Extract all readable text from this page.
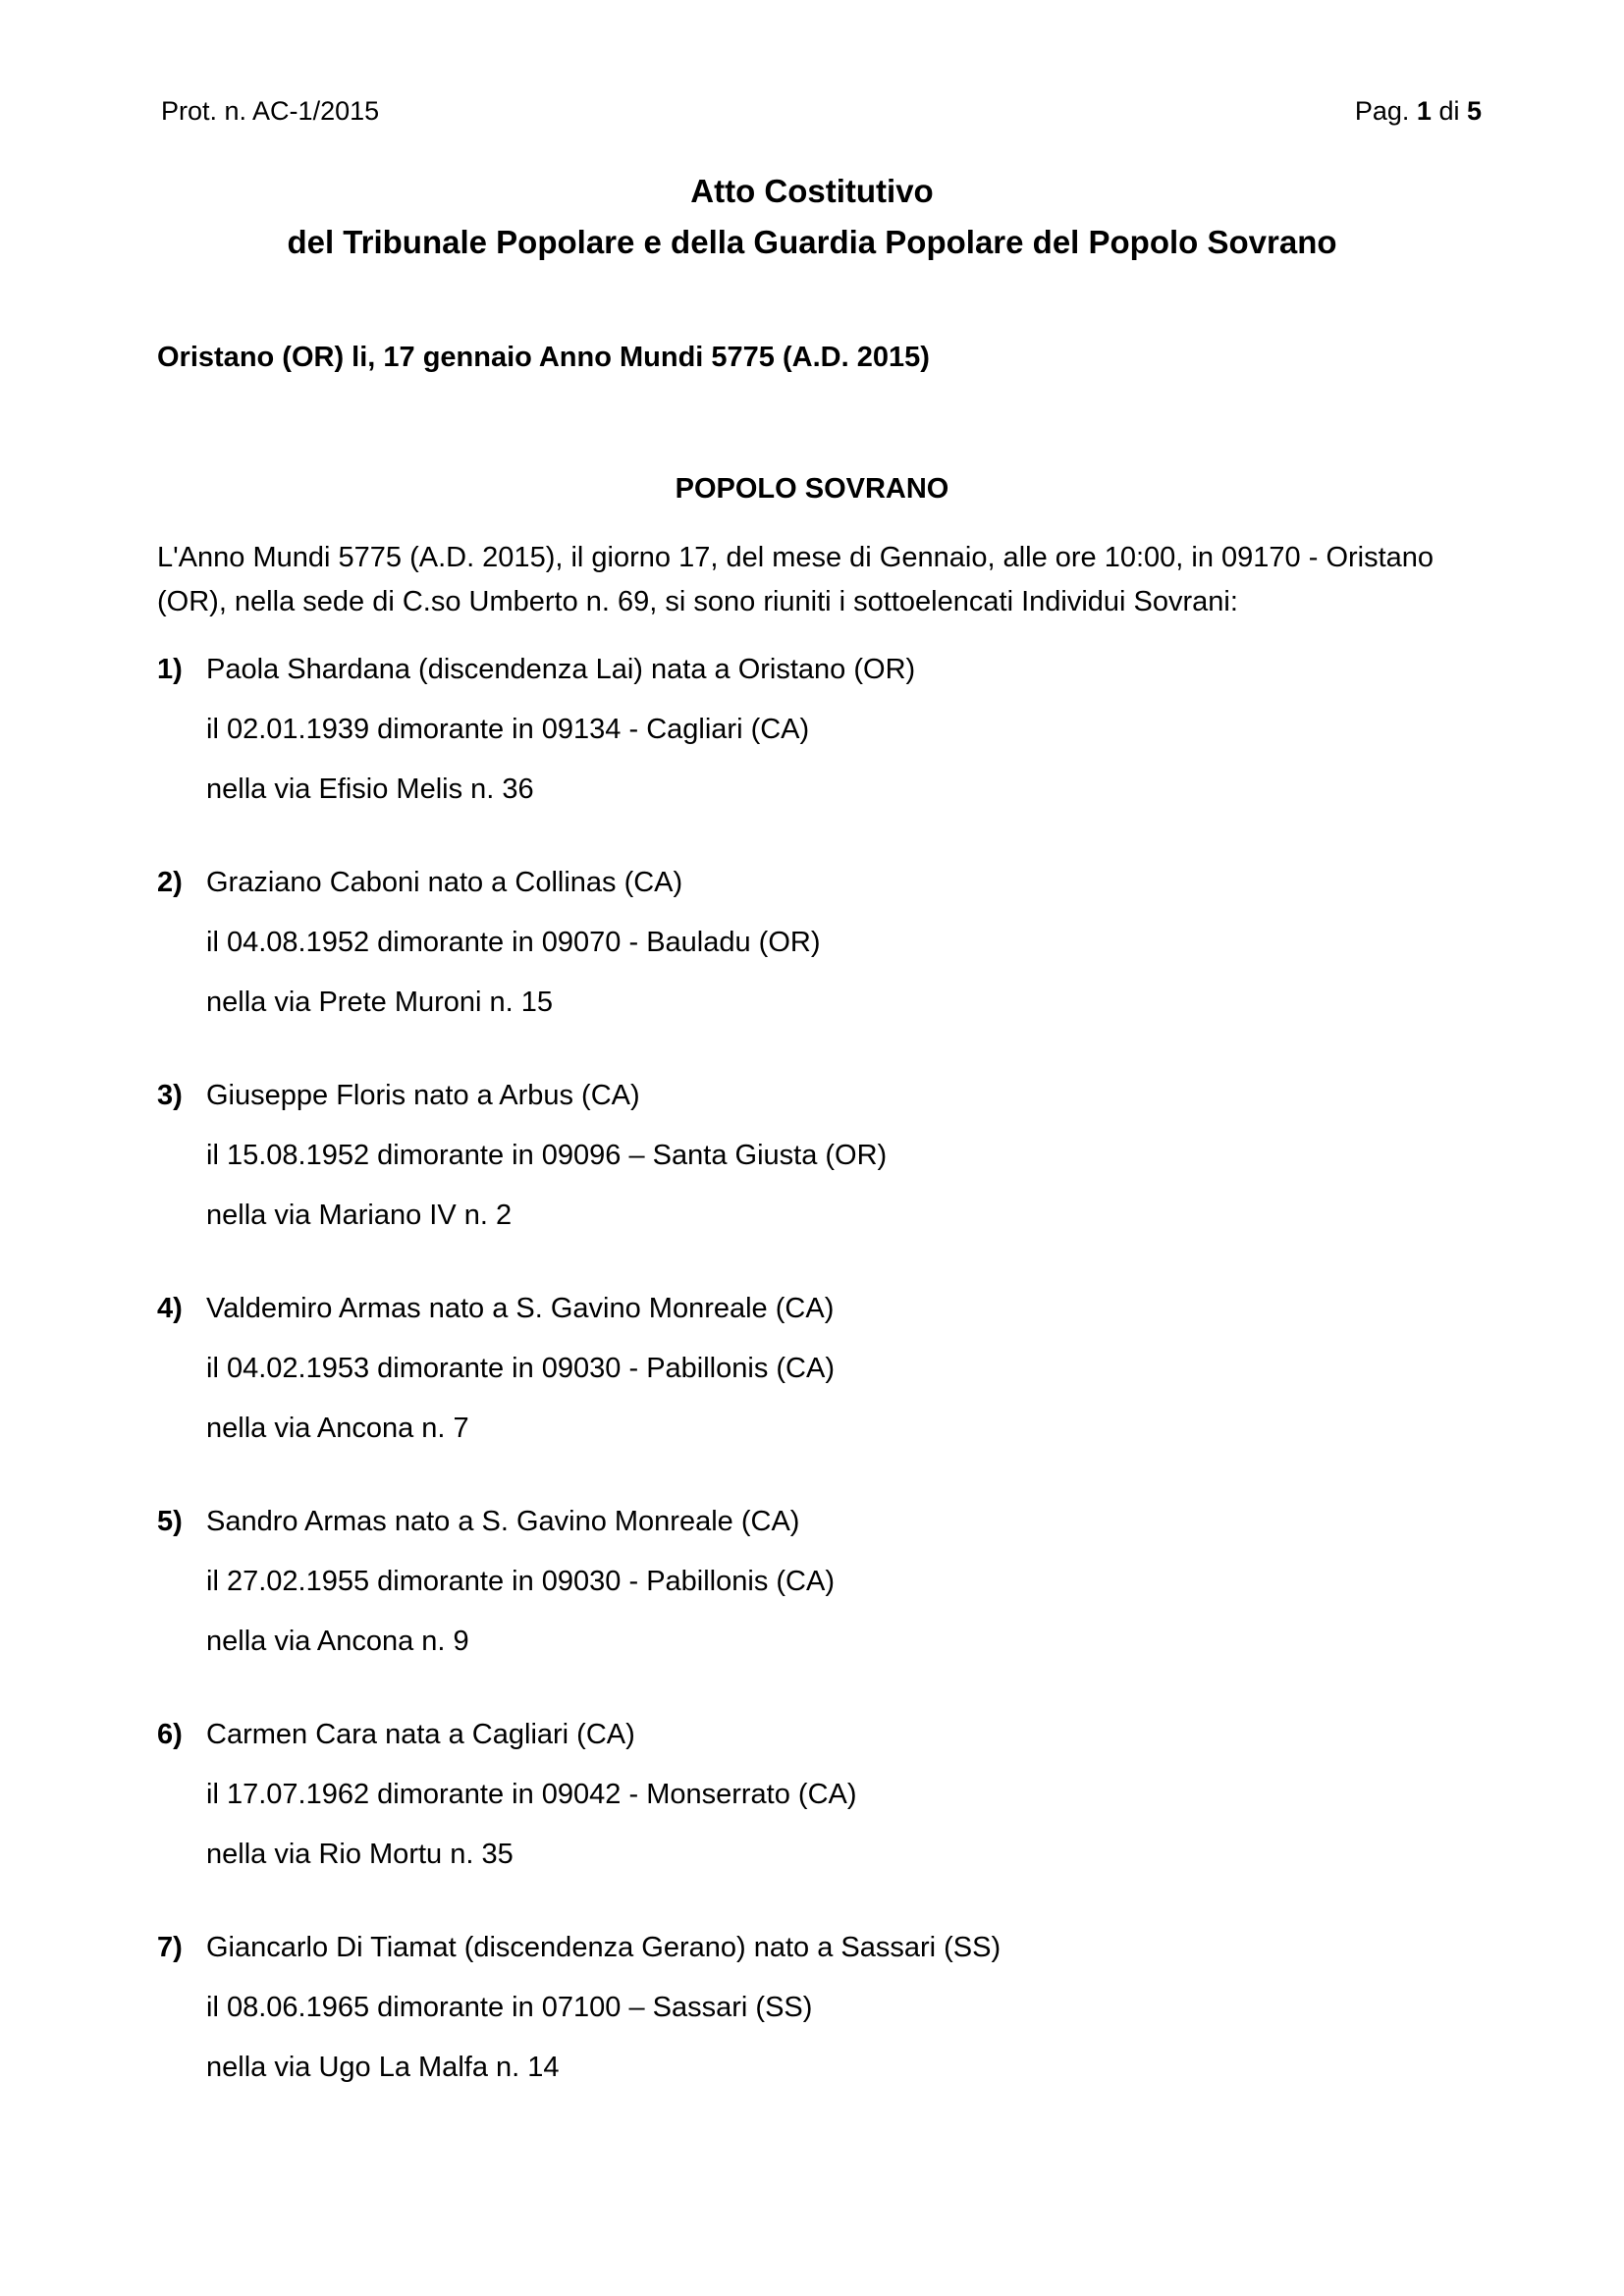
Prot. n. AC-1/2015	Pag. 1 di 5
Atto Costitutivo
del Tribunale Popolare e della Guardia Popolare del Popolo Sovrano
Oristano (OR) li, 17 gennaio Anno Mundi 5775 (A.D. 2015)
POPOLO SOVRANO
L'Anno Mundi 5775 (A.D. 2015), il giorno 17, del mese di Gennaio, alle ore 10:00, in 09170 - Oristano (OR), nella sede di C.so Umberto n. 69, si sono riuniti i sottoelencati Individui Sovrani:
1) Paola Shardana (discendenza Lai) nata a Oristano (OR)
il 02.01.1939 dimorante in 09134 - Cagliari (CA)
nella via Efisio Melis n. 36
2) Graziano Caboni nato a Collinas (CA)
il 04.08.1952 dimorante in 09070 - Bauladu (OR)
nella via Prete Muroni n. 15
3) Giuseppe Floris nato a Arbus (CA)
il 15.08.1952 dimorante in 09096 – Santa Giusta (OR)
nella via Mariano IV n. 2
4) Valdemiro Armas nato a S. Gavino Monreale (CA)
il 04.02.1953 dimorante in 09030 - Pabillonis (CA)
nella via Ancona n. 7
5) Sandro Armas nato a S. Gavino Monreale (CA)
il 27.02.1955 dimorante in 09030 - Pabillonis (CA)
nella via Ancona n. 9
6) Carmen Cara nata a Cagliari (CA)
il 17.07.1962 dimorante in 09042 - Monserrato (CA)
nella via Rio Mortu n. 35
7) Giancarlo Di Tiamat (discendenza Gerano) nato a Sassari (SS)
il 08.06.1965 dimorante in 07100 – Sassari (SS)
nella via Ugo La Malfa n. 14
